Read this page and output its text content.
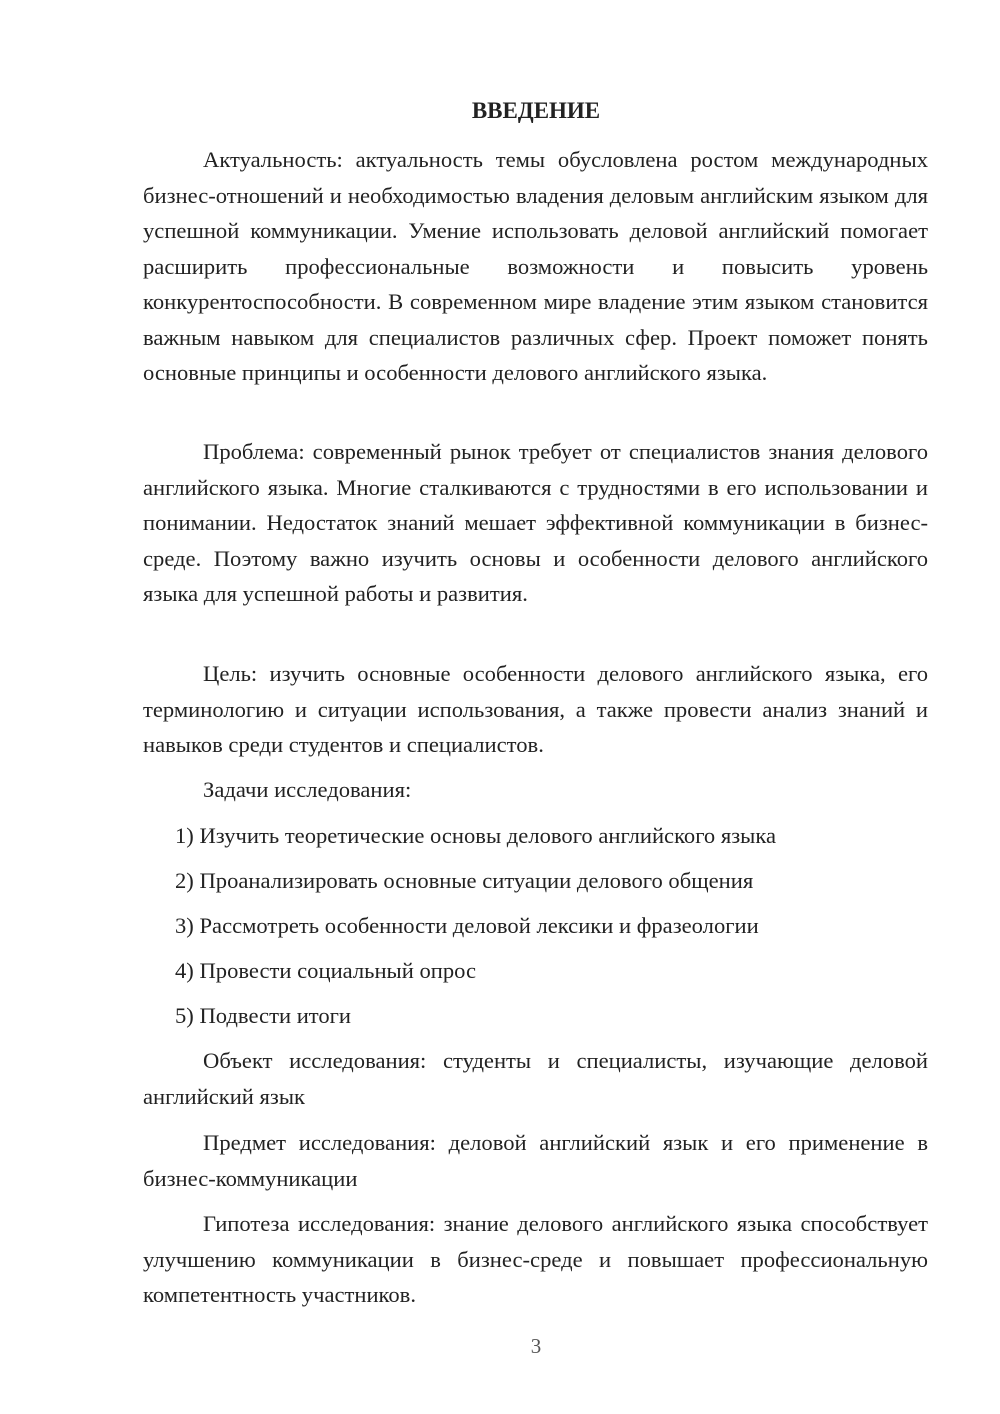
ВВЕДЕНИЕ
Актуальность: актуальность темы обусловлена ростом международных бизнес-отношений и необходимостью владения деловым английским языком для успешной коммуникации. Умение использовать деловой английский помогает расширить профессиональные возможности и повысить уровень конкурентоспособности. В современном мире владение этим языком становится важным навыком для специалистов различных сфер. Проект поможет понять основные принципы и особенности делового английского языка.
Проблема: современный рынок требует от специалистов знания делового английского языка. Многие сталкиваются с трудностями в его использовании и понимании. Недостаток знаний мешает эффективной коммуникации в бизнес-среде. Поэтому важно изучить основы и особенности делового английского языка для успешной работы и развития.
Цель: изучить основные особенности делового английского языка, его терминологию и ситуации использования, а также провести анализ знаний и навыков среди студентов и специалистов.
Задачи исследования:
1) Изучить теоретические основы делового английского языка
2) Проанализировать основные ситуации делового общения
3) Рассмотреть особенности деловой лексики и фразеологии
4) Провести социальный опрос
5) Подвести итоги
Объект исследования: студенты и специалисты, изучающие деловой английский язык
Предмет исследования: деловой английский язык и его применение в бизнес-коммуникации
Гипотеза исследования: знание делового английского языка способствует улучшению коммуникации в бизнес-среде и повышает профессиональную компетентность участников.
3
